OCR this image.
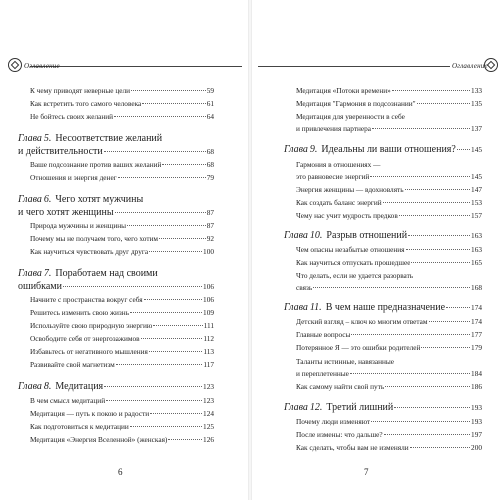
Оглавление
К чему приводят неверные цели	59
Как встретить того самого человека	61
Не бойтесь своих желаний	64
Глава 5. Несоответствие желаний
и действительности	68
Ваше подсознание против ваших желаний	68
Отношения и энергия денег	79
Глава 6. Чего хотят мужчины
и чего хотят женщины	87
Природа мужчины и женщины	87
Почему мы не получаем того, чего хотим	92
Как научиться чувствовать друг друга	100
Глава 7. Поработаем над своими
ошибками	106
Начните с пространства вокруг себя	106
Решитесь изменить свою жизнь	109
Используйте свою природную энергию	111
Освободите себя от энергозажимов	112
Избавьтесь от негативного мышления	113
Развивайте свой магнетизм	117
Глава 8. Медитация	123
В чем смысл медитаций	123
Медитация — путь к покою и радости	124
Как подготовиться к медитации	125
Медитация «Энергия Вселенной» (женская)	126
6
Оглавление
Медитация «Потоки времени»	133
Медитация "Гармония в подсознании"	135
Медитация для уверенности в себе
и привлечения партнера	137
Глава 9. Идеальны ли ваши отношения? 145
Гармония в отношениях —
это равновесие энергий	145
Энергия женщины — вдохновлять	147
Как создать баланс энергий	153
Чему нас учит мудрость предков	157
Глава 10. Разрыв отношений	163
Чем опасны незабытые отношения	163
Как научиться отпускать прошедшее	165
Что делать, если не удается разорвать
связь	168
Глава 11. В чем наше предназначение	174
Детский взгляд – ключ ко многим ответам	174
Главные вопросы	177
Потерянное Я — это ошибки родителей	179
Таланты истинные, навязанные
и переплетенные	184
Как самому найти свой путь	186
Глава 12. Третий лишний	193
Почему люди изменяют	193
После измены: что дальше?	197
Как сделать, чтобы вам не изменяли	200
7
